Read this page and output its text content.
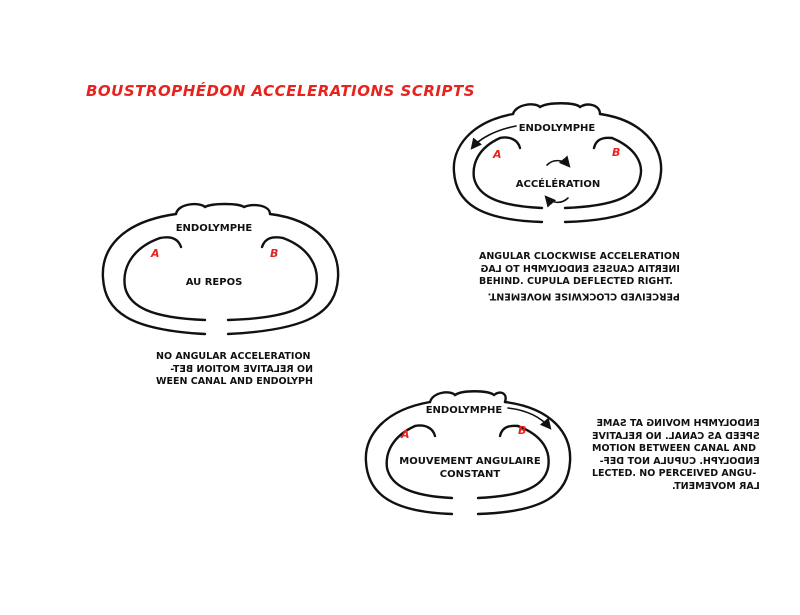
BOUSTROPHÉDON ACCELERATIONS SCRIPTS
ENDOLYMPHE
A	B
AU REPOS
ENDOLYMPHE
A	B
ACCÉLÉRATION
ENDOLYMPHE
A	B
MOUVEMENT ANGULAIRE
CONSTANT
NO ANGULAR ACCELERATION
NO RELATIVE MOTION BET-
WEEN CANAL AND ENDOLYPH
ANGULAR CLOCKWISE ACCELERATION
INERTIA CAUSES ENDOLYMPH TO LAG
BEHIND. CUPULA DEFLECTED RIGHT.
PERCEIVED CLOCKWISE MOVEMENT.
ENDOLYMPH MOVING AT SAME
SPEED AS CANAL. NO RELATIVE
MOTION BETWEEN CANAL AND
ENDOLYPH. CUPULA NOT DEF-
LECTED. NO PERCEIVED ANGU-
LAR MOVEMENT.
